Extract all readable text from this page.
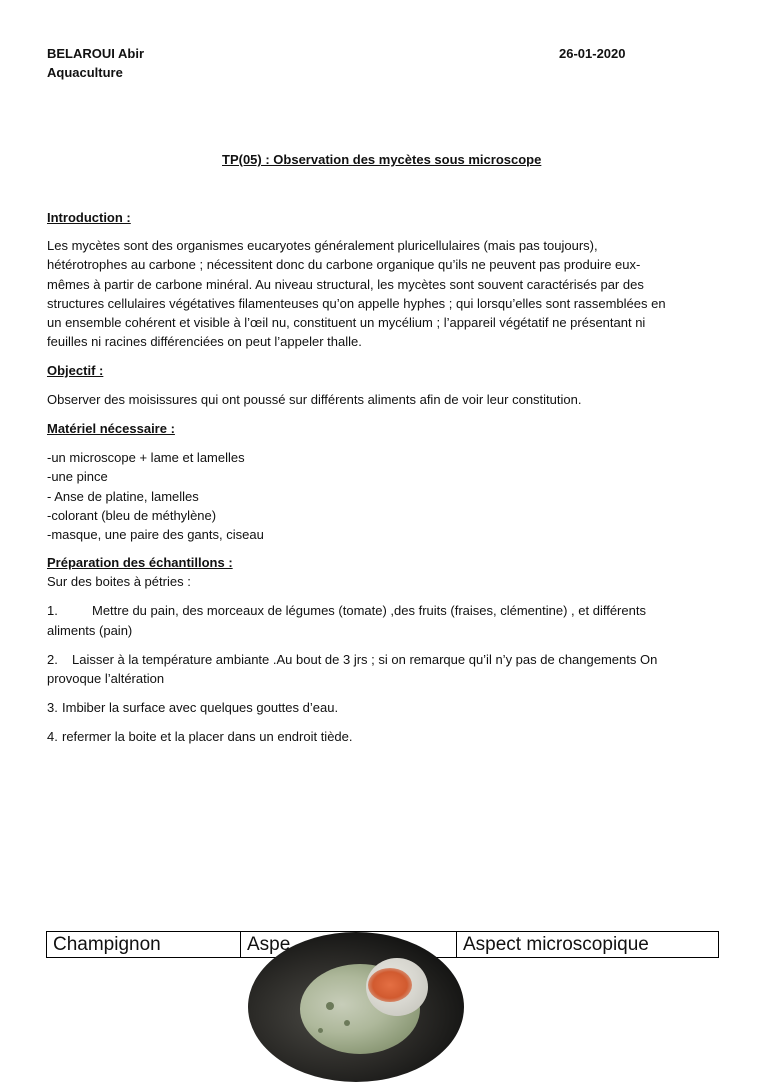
BELAROUI Abir
Aquaculture
26-01-2020
TP(05) : Observation des mycètes sous microscope
Introduction :
Les mycètes sont des organismes eucaryotes généralement pluricellulaires (mais pas toujours),
hétérotrophes au carbone ; nécessitent donc du carbone organique qu’ils ne peuvent pas produire eux-
mêmes à partir de carbone minéral. Au niveau structural, les mycètes sont souvent caractérisés par des
structures cellulaires végétatives filamenteuses qu’on appelle hyphes ; qui lorsqu’elles sont rassemblées en
un ensemble cohérent et visible à l’œil nu, constituent un mycélium ; l’appareil végétatif ne présentant ni
feuilles ni racines différenciées on peut l’appeler thalle.
Objectif :
Observer des moisissures qui ont poussé sur différents aliments afin de voir leur constitution.
Matériel nécessaire :
-un microscope + lame et lamelles
-une pince
- Anse de platine, lamelles
-colorant (bleu de méthylène)
-masque, une paire des gants, ciseau
Préparation des échantillons :
Sur des boites à pétries :
1.	Mettre du pain, des morceaux de légumes (tomate) ,des fruits (fraises, clémentine) , et différents
aliments (pain)
2. Laisser à la température ambiante .Au bout de 3 jrs ; si on remarque qu’il n’y pas de changements On
provoque l’altération
3. Imbiber la surface avec quelques gouttes d’eau.
4. refermer la boite et la placer dans un endroit tiède.
Champignon	Aspe	Aspect microscopique
